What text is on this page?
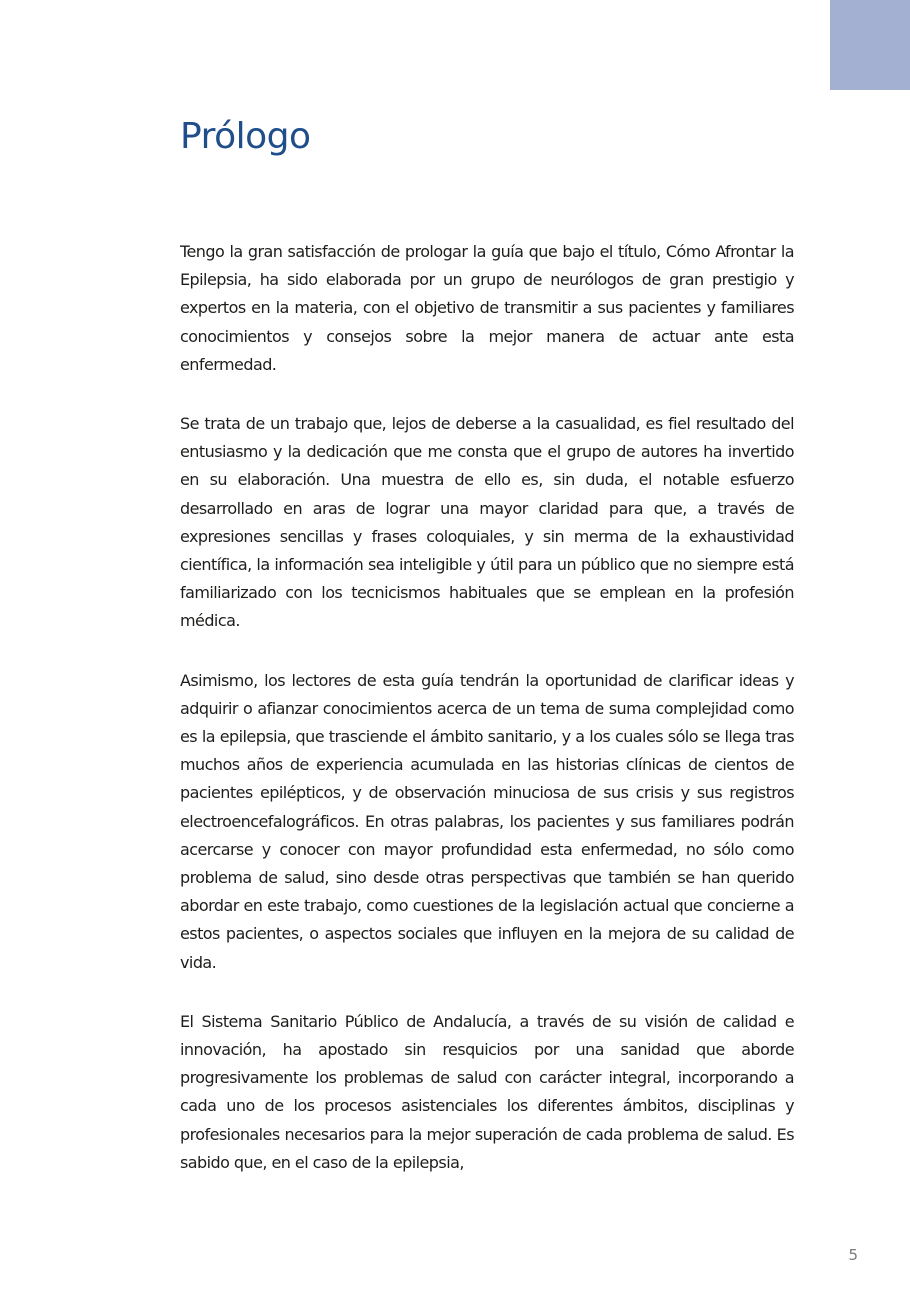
Prólogo

Tengo la gran satisfacción de prologar la guía que bajo el título, Cómo Afrontar la Epilepsia, ha sido elaborada por un grupo de neurólogos de gran prestigio y expertos en la materia, con el objetivo de transmitir a sus pacientes y familiares conocimientos y consejos sobre la mejor manera de actuar ante esta enfermedad.

Se trata de un trabajo que, lejos de deberse a la casualidad, es fiel resultado del entusiasmo y la dedicación que me consta que el grupo de autores ha invertido en su elaboración. Una muestra de ello es, sin duda, el notable esfuerzo desarrollado en aras de lograr una mayor claridad para que, a través de expresiones sencillas y frases coloquiales, y sin merma de la exhaustividad científica, la información sea inteligible y útil para un público que no siempre está familiarizado con los tecnicismos habituales que se emplean en la profesión médica.

Asimismo, los lectores de esta guía tendrán la oportunidad de clarificar ideas y adquirir o afianzar conocimientos acerca de un tema de suma complejidad como es la epilepsia, que trasciende el ámbito sanitario, y a los cuales sólo se llega tras muchos años de experiencia acumulada en las historias clínicas de cientos de pacientes epilépticos, y de observación minuciosa de sus crisis y sus registros electroencefalográficos. En otras palabras, los pacientes y sus familiares podrán acercarse y conocer con mayor profundidad esta enfermedad, no sólo como problema de salud, sino desde otras perspectivas que también se han querido abordar en este trabajo, como cuestiones de la legislación actual que concierne a estos pacientes, o aspectos sociales que influyen en la mejora de su calidad de vida.

El Sistema Sanitario Público de Andalucía, a través de su visión de calidad e innovación, ha apostado sin resquicios por una sanidad que aborde progresivamente los problemas de salud con carácter integral, incorporando a cada uno de los procesos asistenciales los diferentes ámbitos, disciplinas y profesionales necesarios para la mejor superación de cada problema de salud. Es sabido que, en el caso de la epilepsia,

5
